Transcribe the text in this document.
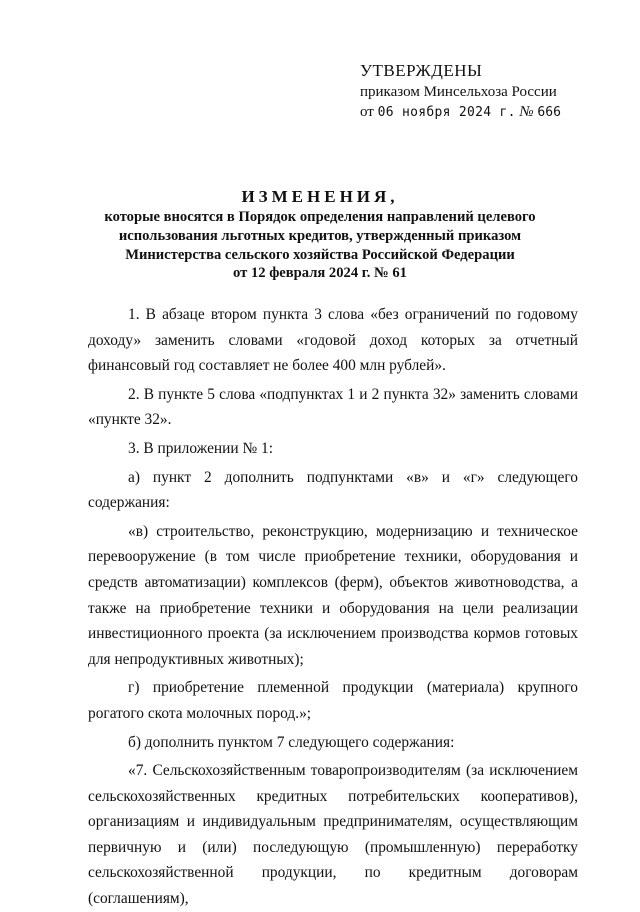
УТВЕРЖДЕНЫ
приказом Минсельхоза России
от 06 ноября 2024 г. № 666
ИЗМЕНЕНИЯ,
которые вносятся в Порядок определения направлений целевого
использования льготных кредитов, утвержденный приказом
Министерства сельского хозяйства Российской Федерации
от 12 февраля 2024 г. № 61

1. В абзаце втором пункта 3 слова «без ограничений по годовому доходу» заменить словами «годовой доход которых за отчетный финансовый год составляет не более 400 млн рублей».

2. В пункте 5 слова «подпунктах 1 и 2 пункта 32» заменить словами «пункте 32».

3. В приложении № 1:

а) пункт 2 дополнить подпунктами «в» и «г» следующего содержания:

«в) строительство, реконструкцию, модернизацию и техническое перевооружение (в том числе приобретение техники, оборудования и средств автоматизации) комплексов (ферм), объектов животноводства, а также на приобретение техники и оборудования на цели реализации инвестиционного проекта (за исключением производства кормов готовых для непродуктивных животных);

г) приобретение племенной продукции (материала) крупного рогатого скота молочных пород.»;

б) дополнить пунктом 7 следующего содержания:

«7. Сельскохозяйственным товаропроизводителям (за исключением сельскохозяйственных кредитных потребительских кооперативов), организациям и индивидуальным предпринимателям, осуществляющим первичную и (или) последующую (промышленную) переработку сельскохозяйственной продукции, по кредитным договорам (соглашениям),
